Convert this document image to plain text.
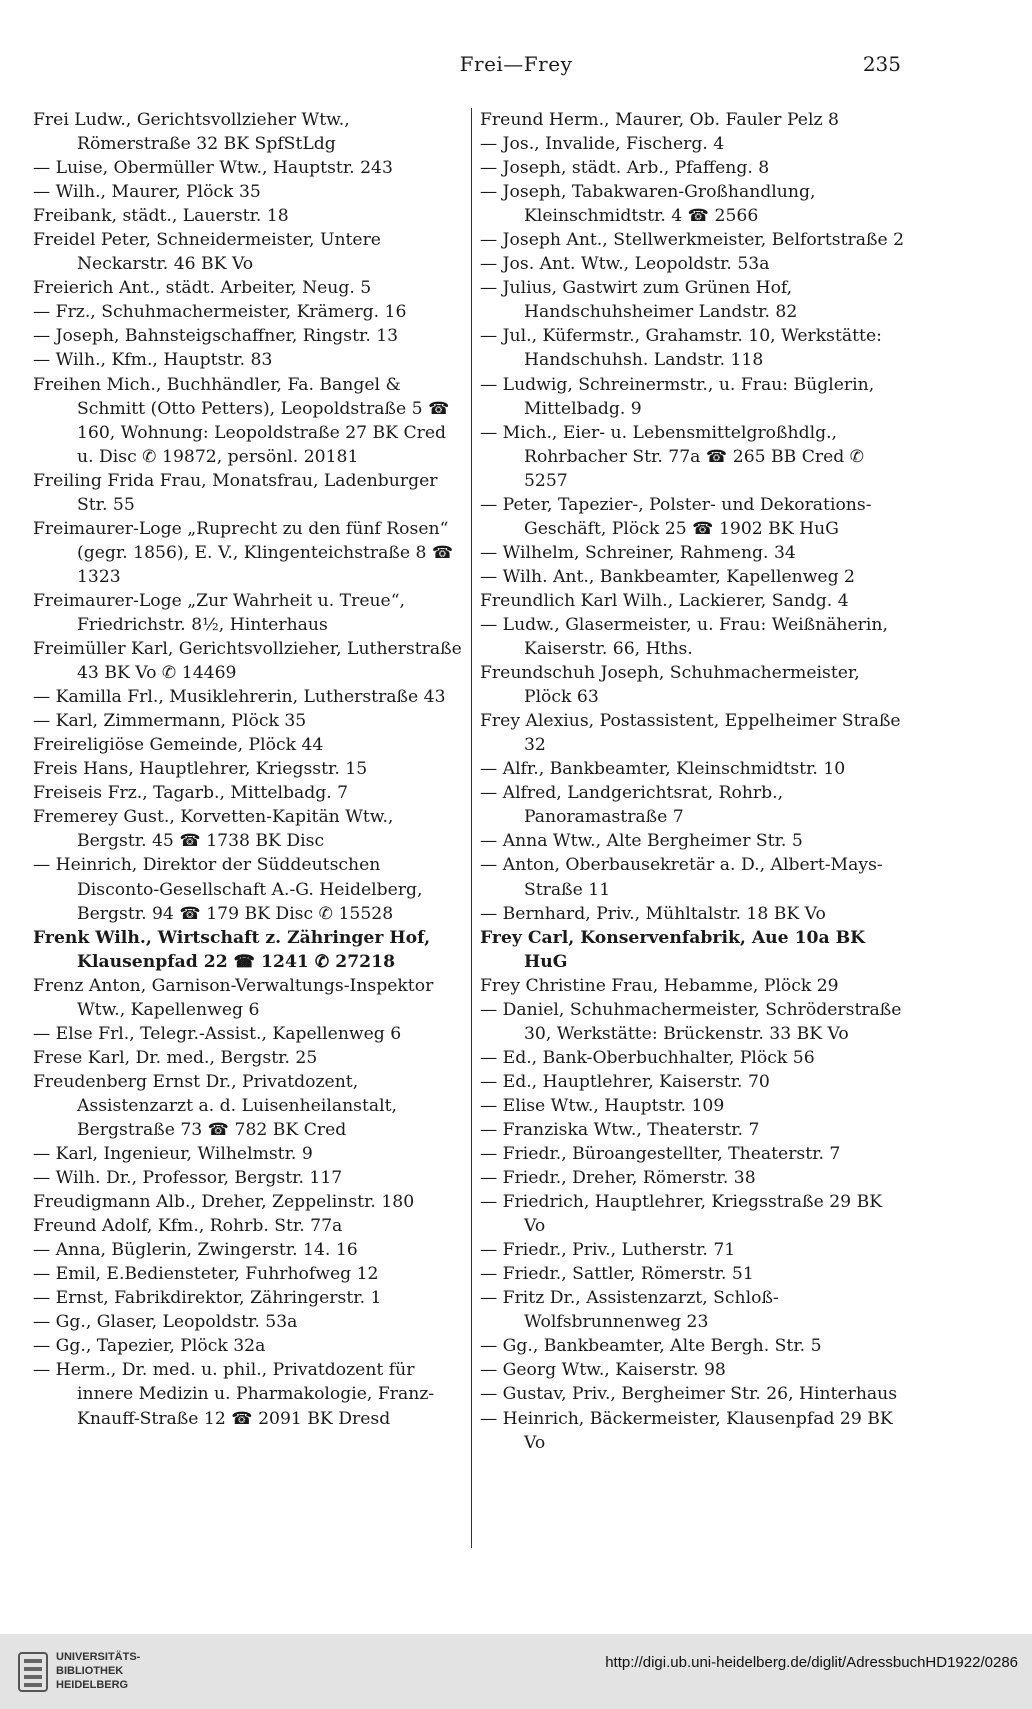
Frei—Frey	235

Frei Ludw., Gerichtsvollzieher Wtw., Römerstraße 32 BK SpfStLdg

— Luise, Obermüller Wtw., Hauptstr. 243

— Wilh., Maurer, Plöck 35

Freibank, städt., Lauerstr. 18

Freidel Peter, Schneidermeister, Untere Neckarstr. 46 BK Vo

Freierich Ant., städt. Arbeiter, Neug. 5

— Frz., Schuhmachermeister, Krämerg. 16

— Joseph, Bahnsteigschaffner, Ringstr. 13

— Wilh., Kfm., Hauptstr. 83

Freihen Mich., Buchhändler, Fa. Bangel & Schmitt (Otto Petters), Leopoldstraße 5 ☎ 160, Wohnung: Leopoldstraße 27 BK Cred u. Disc ✆ 19872, persönl. 20181

Freiling Frida Frau, Monatsfrau, Ladenburger Str. 55

Freimaurer-Loge „Ruprecht zu den fünf Rosen“ (gegr. 1856), E. V., Klingenteichstraße 8 ☎ 1323

Freimaurer-Loge „Zur Wahrheit u. Treue“, Friedrichstr. 8½, Hinterhaus

Freimüller Karl, Gerichtsvollzieher, Lutherstraße 43 BK Vo ✆ 14469

— Kamilla Frl., Musiklehrerin, Lutherstraße 43

— Karl, Zimmermann, Plöck 35

Freireligiöse Gemeinde, Plöck 44

Freis Hans, Hauptlehrer, Kriegsstr. 15

Freiseis Frz., Tagarb., Mittelbadg. 7

Fremerey Gust., Korvetten-Kapitän Wtw., Bergstr. 45 ☎ 1738 BK Disc

— Heinrich, Direktor der Süddeutschen Disconto-Gesellschaft A.-G. Heidelberg, Bergstr. 94 ☎ 179 BK Disc ✆ 15528

Frenk Wilh., Wirtschaft z. Zähringer Hof, Klausenpfad 22 ☎ 1241 ✆ 27218

Frenz Anton, Garnison-Verwaltungs-Inspektor Wtw., Kapellenweg 6

— Else Frl., Telegr.-Assist., Kapellenweg 6

Frese Karl, Dr. med., Bergstr. 25

Freudenberg Ernst Dr., Privatdozent, Assistenzarzt a. d. Luisenheilanstalt, Bergstraße 73 ☎ 782 BK Cred

— Karl, Ingenieur, Wilhelmstr. 9

— Wilh. Dr., Professor, Bergstr. 117

Freudigmann Alb., Dreher, Zeppelinstr. 180

Freund Adolf, Kfm., Rohrb. Str. 77a

— Anna, Büglerin, Zwingerstr. 14. 16

— Emil, E.Bediensteter, Fuhrhofweg 12

— Ernst, Fabrikdirektor, Zähringerstr. 1

— Gg., Glaser, Leopoldstr. 53a

— Gg., Tapezier, Plöck 32a

— Herm., Dr. med. u. phil., Privatdozent für innere Medizin u. Pharmakologie, Franz-Knauff-Straße 12 ☎ 2091 BK Dresd

Freund Herm., Maurer, Ob. Fauler Pelz 8

— Jos., Invalide, Fischerg. 4

— Joseph, städt. Arb., Pfaffeng. 8

— Joseph, Tabakwaren-Großhandlung, Kleinschmidtstr. 4 ☎ 2566

— Joseph Ant., Stellwerkmeister, Belfortstraße 2

— Jos. Ant. Wtw., Leopoldstr. 53a

— Julius, Gastwirt zum Grünen Hof, Handschuhsheimer Landstr. 82

— Jul., Küfermstr., Grahamstr. 10, Werkstätte: Handschuhsh. Landstr. 118

— Ludwig, Schreinermstr., u. Frau: Büglerin, Mittelbadg. 9

— Mich., Eier- u. Lebensmittelgroßhdlg., Rohrbacher Str. 77a ☎ 265 BB Cred ✆ 5257

— Peter, Tapezier-, Polster- und Dekorations-Geschäft, Plöck 25 ☎ 1902 BK HuG

— Wilhelm, Schreiner, Rahmeng. 34

— Wilh. Ant., Bankbeamter, Kapellenweg 2

Freundlich Karl Wilh., Lackierer, Sandg. 4

— Ludw., Glasermeister, u. Frau: Weißnäherin, Kaiserstr. 66, Hths.

Freundschuh Joseph, Schuhmachermeister, Plöck 63

Frey Alexius, Postassistent, Eppelheimer Straße 32

— Alfr., Bankbeamter, Kleinschmidtstr. 10

— Alfred, Landgerichtsrat, Rohrb., Panoramastraße 7

— Anna Wtw., Alte Bergheimer Str. 5

— Anton, Oberbausekretär a. D., Albert-Mays-Straße 11

— Bernhard, Priv., Mühltalstr. 18 BK Vo

Frey Carl, Konservenfabrik, Aue 10a BK HuG

Frey Christine Frau, Hebamme, Plöck 29

— Daniel, Schuhmachermeister, Schröderstraße 30, Werkstätte: Brückenstr. 33 BK Vo

— Ed., Bank-Oberbuchhalter, Plöck 56

— Ed., Hauptlehrer, Kaiserstr. 70

— Elise Wtw., Hauptstr. 109

— Franziska Wtw., Theaterstr. 7

— Friedr., Büroangestellter, Theaterstr. 7

— Friedr., Dreher, Römerstr. 38

— Friedrich, Hauptlehrer, Kriegsstraße 29 BK Vo

— Friedr., Priv., Lutherstr. 71

— Friedr., Sattler, Römerstr. 51

— Fritz Dr., Assistenzarzt, Schloß-Wolfsbrunnenweg 23

— Gg., Bankbeamter, Alte Bergh. Str. 5

— Georg Wtw., Kaiserstr. 98

— Gustav, Priv., Bergheimer Str. 26, Hinterhaus

— Heinrich, Bäckermeister, Klausenpfad 29 BK Vo

UNIVERSITÄTS-
BIBLIOTHEK
HEIDELBERG
http://digi.ub.uni-heidelberg.de/diglit/AdressbuchHD1922/0286
